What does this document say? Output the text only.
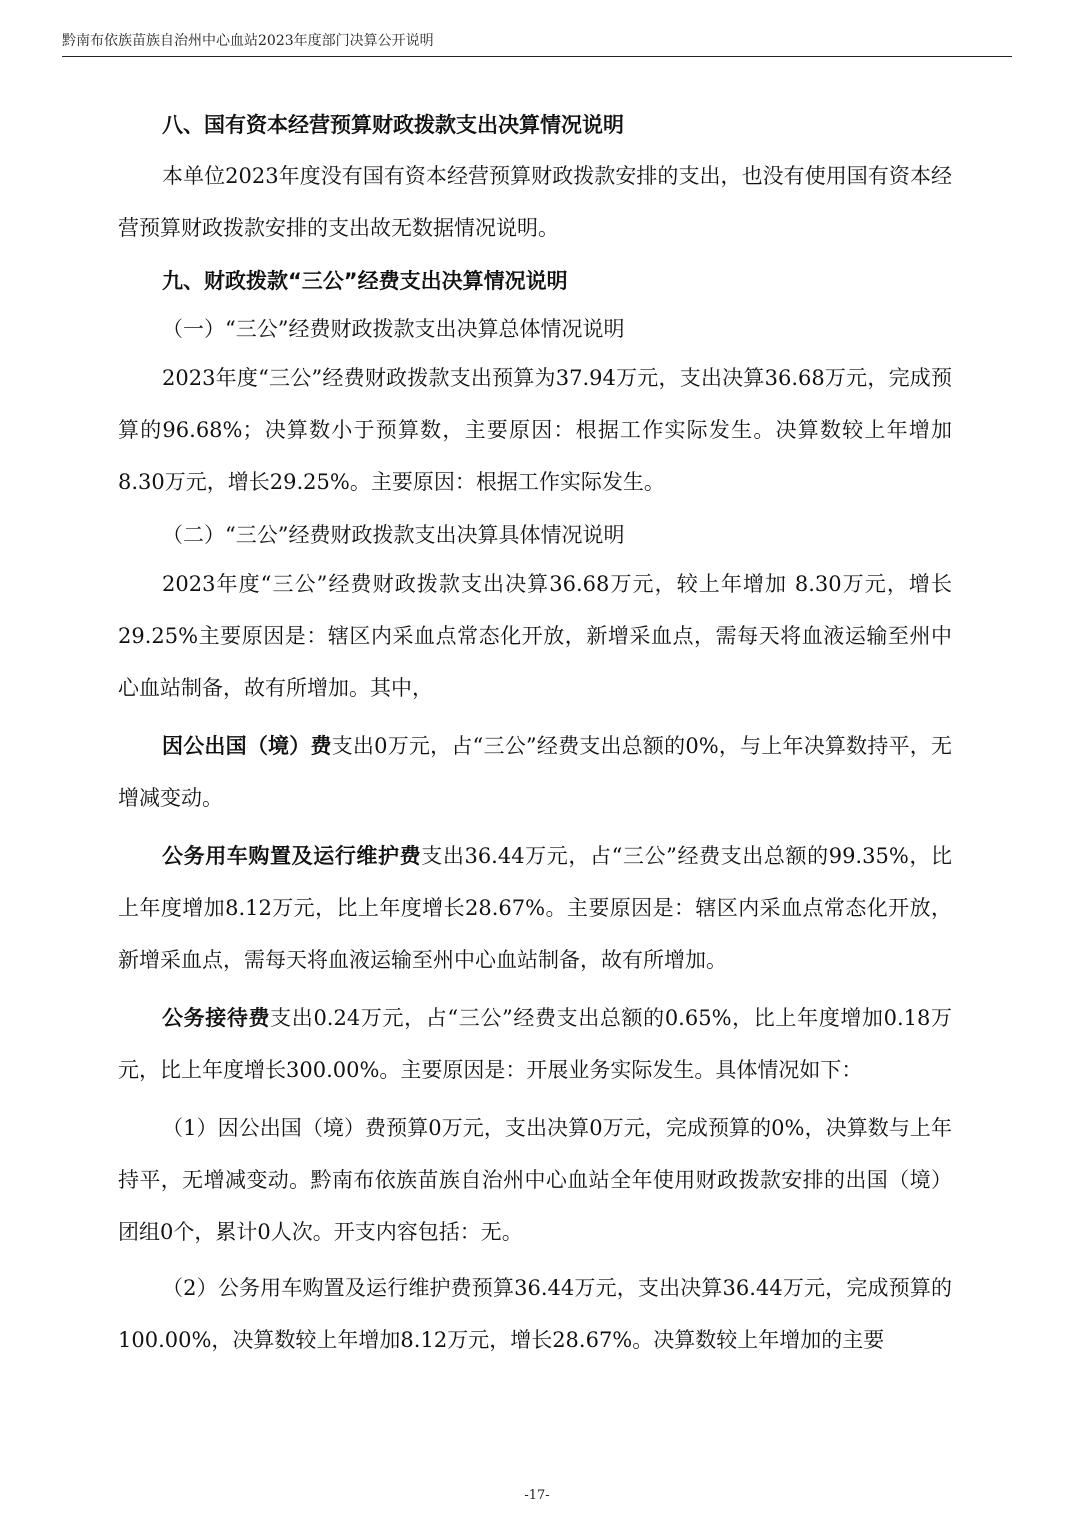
黔南布依族苗族自治州中心血站2023年度部门决算公开说明
八、国有资本经营预算财政拨款支出决算情况说明

本单位2023年度没有国有资本经营预算财政拨款安排的支出，也没有使用国有资本经营预算财政拨款安排的支出故无数据情况说明。

九、财政拨款“三公”经费支出决算情况说明
（一）“三公”经费财政拨款支出决算总体情况说明

2023年度“三公”经费财政拨款支出预算为37.94万元，支出决算36.68万元，完成预算的96.68%；决算数小于预算数，主要原因：根据工作实际发生。决算数较上年增加8.30万元，增长29.25%。主要原因：根据工作实际发生。

（二）“三公”经费财政拨款支出决算具体情况说明

2023年度“三公”经费财政拨款支出决算36.68万元，较上年增加 8.30万元，增长 29.25%主要原因是：辖区内采血点常态化开放，新增采血点，需每天将血液运输至州中心血站制备，故有所增加。其中，

因公出国（境）费支出0万元，占“三公”经费支出总额的0%，与上年决算数持平，无增减变动。

公务用车购置及运行维护费支出36.44万元，占“三公”经费支出总额的99.35%，比上年度增加8.12万元，比上年度增长28.67%。主要原因是：辖区内采血点常态化开放，新增采血点，需每天将血液运输至州中心血站制备，故有所增加。

公务接待费支出0.24万元，占“三公”经费支出总额的0.65%，比上年度增加0.18万元，比上年度增长300.00%。主要原因是：开展业务实际发生。具体情况如下：

（1）因公出国（境）费预算0万元，支出决算0万元，完成预算的0%，决算数与上年持平，无增减变动。黔南布依族苗族自治州中心血站全年使用财政拨款安排的出国（境）团组0个，累计0人次。开支内容包括：无。

（2）公务用车购置及运行维护费预算36.44万元，支出决算36.44万元，完成预算的100.00%，决算数较上年增加8.12万元，增长28.67%。决算数较上年增加的主要

-17-
